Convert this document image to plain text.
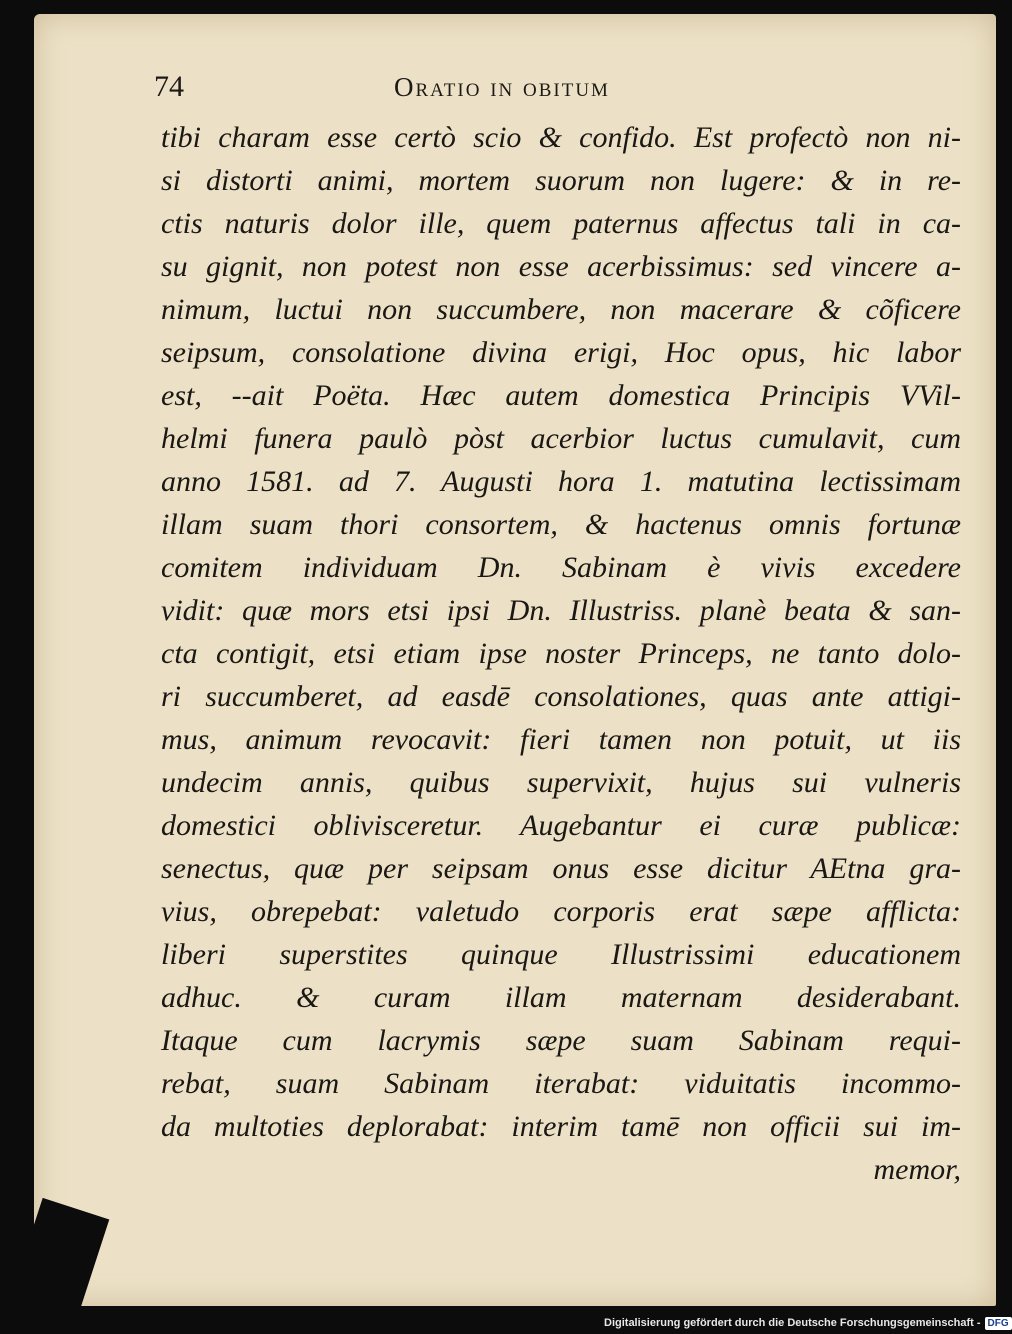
74	Oratio in obitum
tibi charam esse certò scio & confido. Est profectò non ni-
si distorti animi, mortem suorum non lugere: & in re-
ctis naturis dolor ille, quem paternus affectus tali in ca-
su gignit, non potest non esse acerbissimus: sed vincere a-
nimum, luctui non succumbere, non macerare & cõficere
seipsum, consolatione divina erigi, Hoc opus, hic labor
est, --ait Poëta. Hæc autem domestica Principis VVil-
helmi funera paulò pòst acerbior luctus cumulavit, cum
anno 1581. ad 7. Augusti hora 1. matutina lectissimam
illam suam thori consortem, & hactenus omnis fortunæ
comitem individuam Dn. Sabinam è vivis excedere
vidit: quæ mors etsi ipsi Dn. Illustriss. planè beata & san-
cta contigit, etsi etiam ipse noster Princeps, ne tanto dolo-
ri succumberet, ad easdē consolationes, quas ante attigi-
mus, animum revocavit: fieri tamen non potuit, ut iis
undecim annis, quibus supervixit, hujus sui vulneris
domestici oblivisceretur. Augebantur ei curæ publicæ:
senectus, quæ per seipsam onus esse dicitur AEtna gra-
vius, obrepebat: valetudo corporis erat sæpe afflicta:
liberi superstites quinque Illustrissimi educationem
adhuc. & curam illam maternam desiderabant.
Itaque cum lacrymis sæpe suam Sabinam requi-
rebat, suam Sabinam iterabat: viduitatis incommo-
da multoties deplorabat: interim tamē non officii sui im-
memor,
Digitalisierung gefördert durch die Deutsche Forschungsgemeinschaft - DFG
